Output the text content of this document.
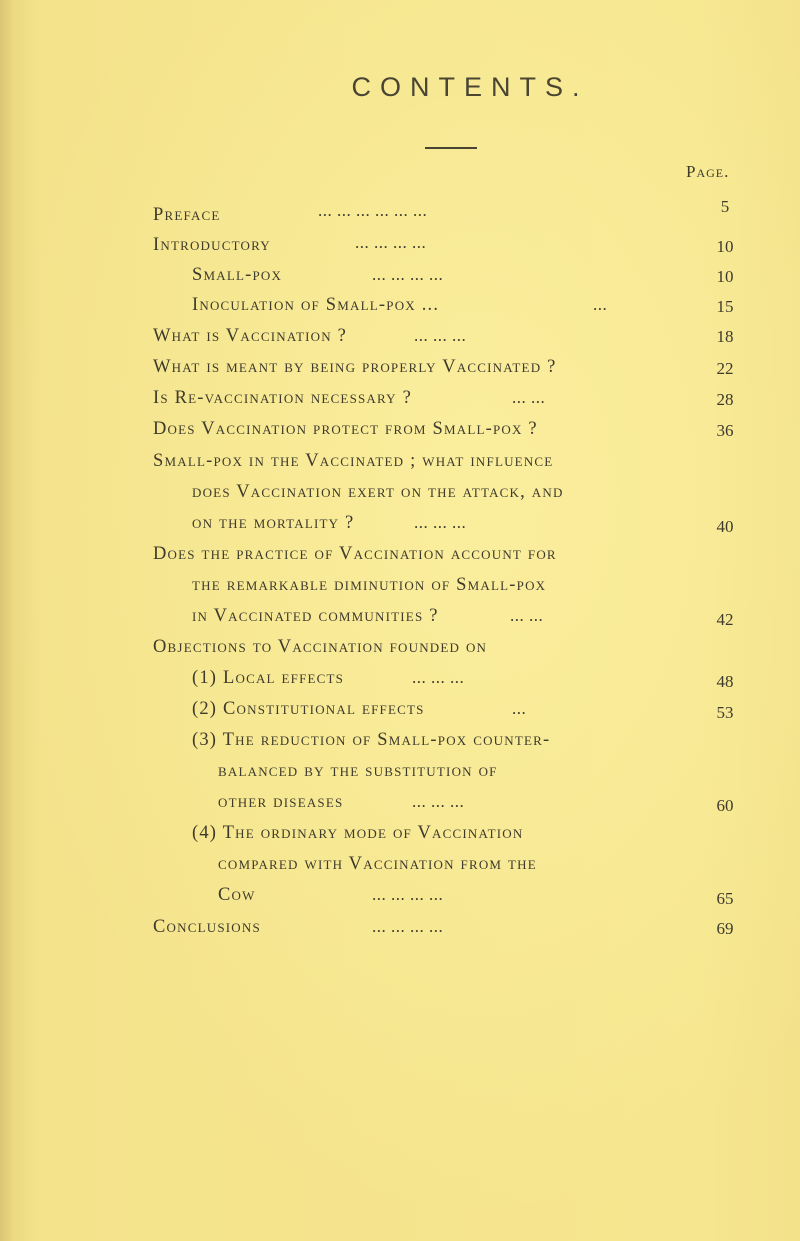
CONTENTS.
Page.
Preface	... ... ... ... ... ...	5
Introductory	... ... ... ...	10
Small-pox	... ... ... ...	10
Inoculation of Small-pox ...	...	15
What is Vaccination ?	... ... ...	18
What is meant by being properly Vaccinated ?	22
Is Re-vaccination necessary ?	... ...	28
Does Vaccination protect from Small-pox ?	36
Small-pox in the Vaccinated ; what influence
does Vaccination exert on the attack, and
on the mortality ?	... ... ...	40
Does the practice of Vaccination account for
the remarkable diminution of Small-pox
in Vaccinated communities ?	... ...	42
Objections to Vaccination founded on
(1) Local effects	... ... ...	48
(2) Constitutional effects	...	53
(3) The reduction of Small-pox counter-
balanced by the substitution of
other diseases	... ... ...	60
(4) The ordinary mode of Vaccination
compared with Vaccination from the
Cow	... ... ... ...	65
Conclusions	... ... ... ...	69
